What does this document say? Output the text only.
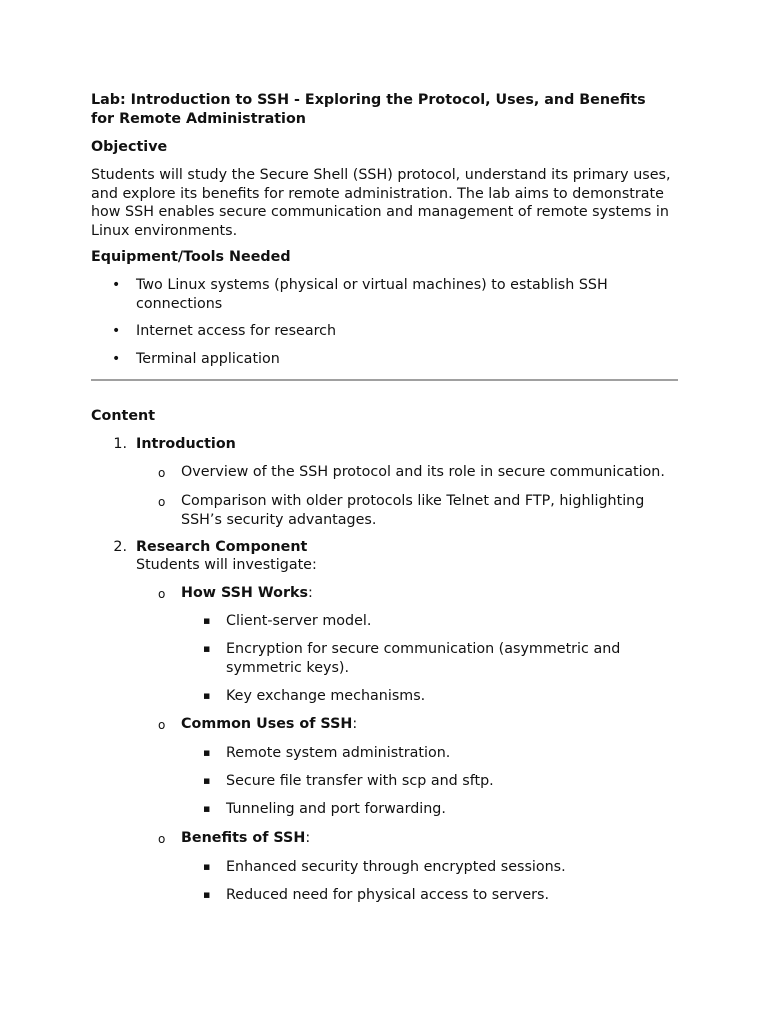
Lab: Introduction to SSH - Exploring the Protocol, Uses, and Benefits for Remote Administration
Objective
Students will study the Secure Shell (SSH) protocol, understand its primary uses, and explore its benefits for remote administration. The lab aims to demonstrate how SSH enables secure communication and management of remote systems in Linux environments.
Equipment/Tools Needed
• Two Linux systems (physical or virtual machines) to establish SSH connections
• Internet access for research
• Terminal application
Content
1. Introduction
o Overview of the SSH protocol and its role in secure communication.
o Comparison with older protocols like Telnet and FTP, highlighting SSH’s security advantages.
2. Research Component
Students will investigate:
o How SSH Works:
▪ Client-server model.
▪ Encryption for secure communication (asymmetric and symmetric keys).
▪ Key exchange mechanisms.
o Common Uses of SSH:
▪ Remote system administration.
▪ Secure file transfer with scp and sftp.
▪ Tunneling and port forwarding.
o Benefits of SSH:
▪ Enhanced security through encrypted sessions.
▪ Reduced need for physical access to servers.
